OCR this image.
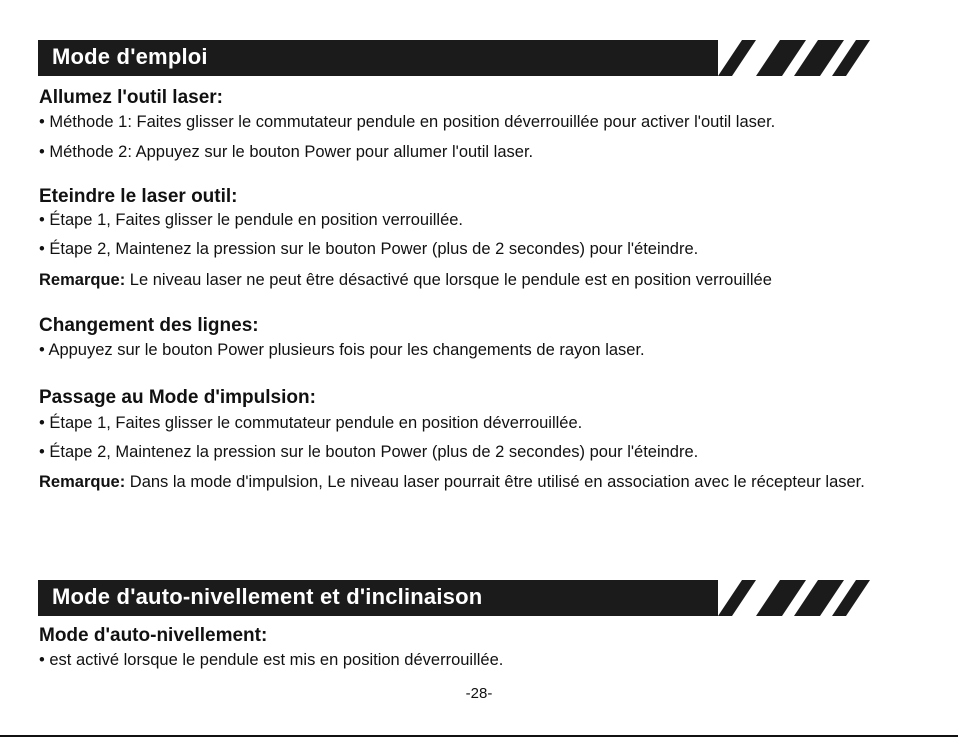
Mode d'emploi
Allumez l'outil laser:
• Méthode 1: Faites glisser le commutateur pendule en position déverrouillée pour activer l'outil laser.
• Méthode 2: Appuyez sur le bouton Power pour allumer l'outil laser.
Eteindre le laser outil:
• Étape 1, Faites glisser le pendule en position verrouillée.
• Étape 2, Maintenez la pression sur le bouton Power (plus de 2 secondes) pour l'éteindre.
Remarque: Le niveau laser ne peut être désactivé que lorsque le pendule est en position verrouillée
Changement des lignes:
• Appuyez sur le bouton Power plusieurs fois pour les changements de rayon laser.
Passage au Mode d'impulsion:
• Étape 1, Faites glisser le commutateur pendule en position déverrouillée.
• Étape 2, Maintenez la pression sur le bouton Power (plus de 2 secondes) pour l'éteindre.
Remarque: Dans la mode d'impulsion, Le niveau laser pourrait être utilisé en association avec le récepteur laser.
Mode d'auto-nivellement et d'inclinaison
Mode d'auto-nivellement:
• est activé lorsque le pendule est mis en position déverrouillée.
-28-
